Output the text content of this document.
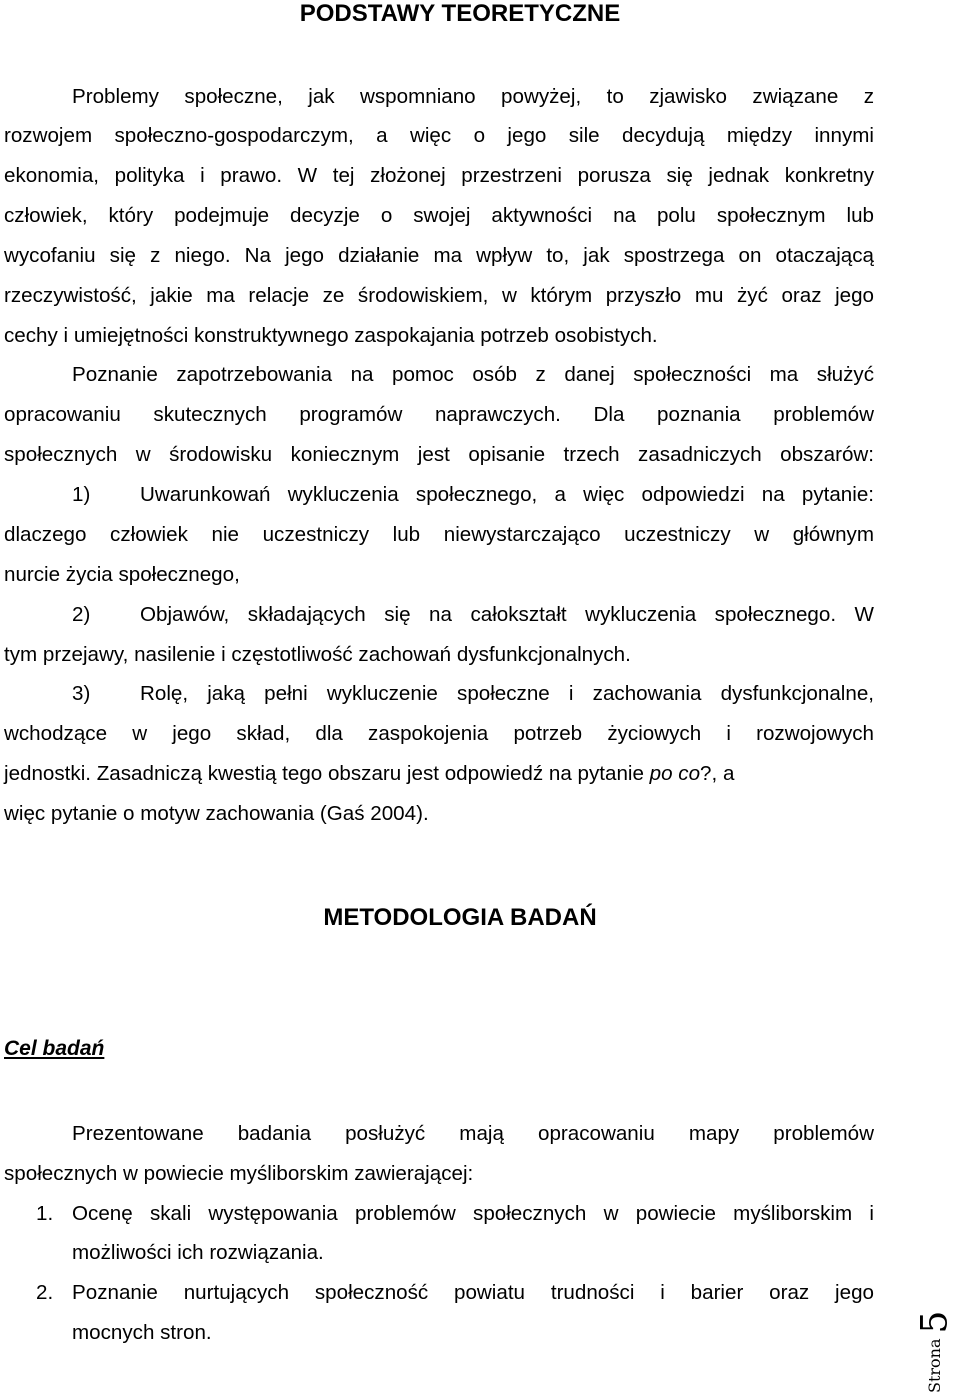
PODSTAWY TEORETYCZNE
Problemy społeczne, jak wspomniano powyżej, to zjawisko związane z
rozwojem społeczno-gospodarczym, a więc o jego sile decydują między innymi
ekonomia, polityka i prawo. W tej złożonej przestrzeni porusza się jednak konkretny
człowiek, który podejmuje decyzje o swojej aktywności na polu społecznym lub
wycofaniu się z niego. Na jego działanie ma wpływ to, jak spostrzega on otaczającą
rzeczywistość, jakie ma relacje ze środowiskiem, w którym przyszło mu żyć oraz jego
cechy i umiejętności konstruktywnego zaspokajania potrzeb osobistych.
Poznanie zapotrzebowania na pomoc osób z danej społeczności ma służyć
opracowaniu skutecznych programów naprawczych. Dla poznania problemów
społecznych w środowisku koniecznym jest opisanie trzech zasadniczych obszarów:
1) Uwarunkowań wykluczenia społecznego, a więc odpowiedzi na pytanie:
dlaczego człowiek nie uczestniczy lub niewystarczająco uczestniczy w głównym
nurcie życia społecznego,
2) Objawów, składających się na całokształt wykluczenia społecznego. W
tym przejawy, nasilenie i częstotliwość zachowań dysfunkcjonalnych.
3) Rolę, jaką pełni wykluczenie społeczne i zachowania dysfunkcjonalne,
wchodzące w jego skład, dla zaspokojenia potrzeb życiowych i rozwojowych
jednostki. Zasadniczą kwestią tego obszaru jest odpowiedź na pytanie po co?, a
więc pytanie o motyw zachowania (Gaś 2004).
METODOLOGIA BADAŃ
Cel badań
Prezentowane badania posłużyć mają opracowaniu mapy problemów
społecznych w powiecie myśliborskim zawierającej:
1. Ocenę skali występowania problemów społecznych w powiecie myśliborskim i
możliwości ich rozwiązania.
2. Poznanie nurtujących społeczność powiatu trudności i barier oraz jego
mocnych stron.
Strona
5
